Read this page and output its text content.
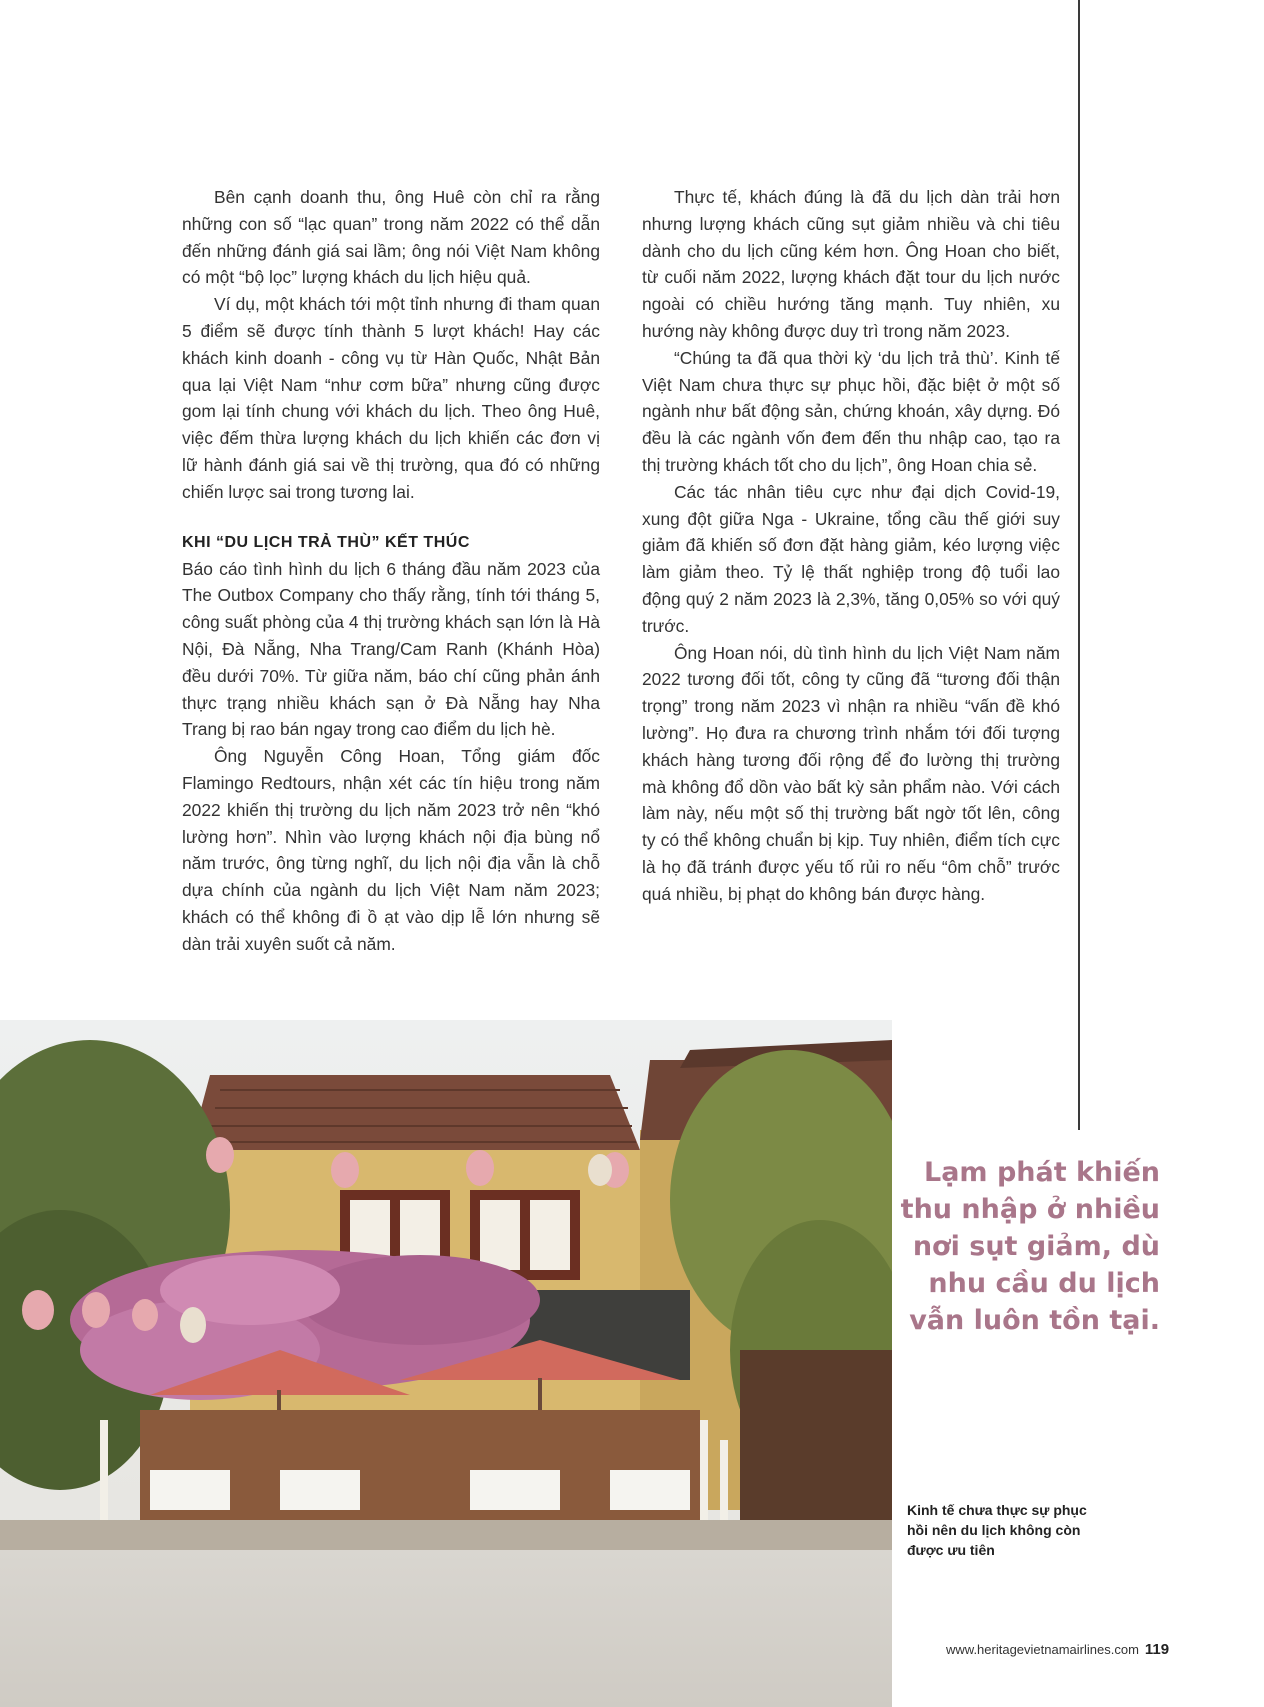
Bên cạnh doanh thu, ông Huê còn chỉ ra rằng những con số “lạc quan” trong năm 2022 có thể dẫn đến những đánh giá sai lầm; ông nói Việt Nam không có một “bộ lọc” lượng khách du lịch hiệu quả.

Ví dụ, một khách tới một tỉnh nhưng đi tham quan 5 điểm sẽ được tính thành 5 lượt khách! Hay các khách kinh doanh - công vụ từ Hàn Quốc, Nhật Bản qua lại Việt Nam “như cơm bữa” nhưng cũng được gom lại tính chung với khách du lịch. Theo ông Huê, việc đếm thừa lượng khách du lịch khiến các đơn vị lữ hành đánh giá sai về thị trường, qua đó có những chiến lược sai trong tương lai.

KHI “DU LỊCH TRẢ THÙ” KẾT THÚC

Báo cáo tình hình du lịch 6 tháng đầu năm 2023 của The Outbox Company cho thấy rằng, tính tới tháng 5, công suất phòng của 4 thị trường khách sạn lớn là Hà Nội, Đà Nẵng, Nha Trang/Cam Ranh (Khánh Hòa) đều dưới 70%. Từ giữa năm, báo chí cũng phản ánh thực trạng nhiều khách sạn ở Đà Nẵng hay Nha Trang bị rao bán ngay trong cao điểm du lịch hè.

Ông Nguyễn Công Hoan, Tổng giám đốc Flamingo Redtours, nhận xét các tín hiệu trong năm 2022 khiến thị trường du lịch năm 2023 trở nên “khó lường hơn”. Nhìn vào lượng khách nội địa bùng nổ năm trước, ông từng nghĩ, du lịch nội địa vẫn là chỗ dựa chính của ngành du lịch Việt Nam năm 2023; khách có thể không đi ồ ạt vào dịp lễ lớn nhưng sẽ dàn trải xuyên suốt cả năm.

Thực tế, khách đúng là đã du lịch dàn trải hơn nhưng lượng khách cũng sụt giảm nhiều và chi tiêu dành cho du lịch cũng kém hơn. Ông Hoan cho biết, từ cuối năm 2022, lượng khách đặt tour du lịch nước ngoài có chiều hướng tăng mạnh. Tuy nhiên, xu hướng này không được duy trì trong năm 2023.

“Chúng ta đã qua thời kỳ ‘du lịch trả thù’. Kinh tế Việt Nam chưa thực sự phục hồi, đặc biệt ở một số ngành như bất động sản, chứng khoán, xây dựng. Đó đều là các ngành vốn đem đến thu nhập cao, tạo ra thị trường khách tốt cho du lịch”, ông Hoan chia sẻ.

Các tác nhân tiêu cực như đại dịch Covid-19, xung đột giữa Nga - Ukraine, tổng cầu thế giới suy giảm đã khiến số đơn đặt hàng giảm, kéo lượng việc làm giảm theo. Tỷ lệ thất nghiệp trong độ tuổi lao động quý 2 năm 2023 là 2,3%, tăng 0,05% so với quý trước.

Ông Hoan nói, dù tình hình du lịch Việt Nam năm 2022 tương đối tốt, công ty cũng đã “tương đối thận trọng” trong năm 2023 vì nhận ra nhiều “vấn đề khó lường”. Họ đưa ra chương trình nhắm tới đối tượng khách hàng tương đối rộng để đo lường thị trường mà không đổ dồn vào bất kỳ sản phẩm nào. Với cách làm này, nếu một số thị trường bất ngờ tốt lên, công ty có thể không chuẩn bị kịp. Tuy nhiên, điểm tích cực là họ đã tránh được yếu tố rủi ro nếu “ôm chỗ” trước quá nhiều, bị phạt do không bán được hàng.

Lạm phát khiến thu nhập ở nhiều nơi sụt giảm, dù nhu cầu du lịch vẫn luôn tồn tại.
Kinh tế chưa thực sự phục hồi nên du lịch không còn được ưu tiên
www.heritagevietnamairlines.com 119
